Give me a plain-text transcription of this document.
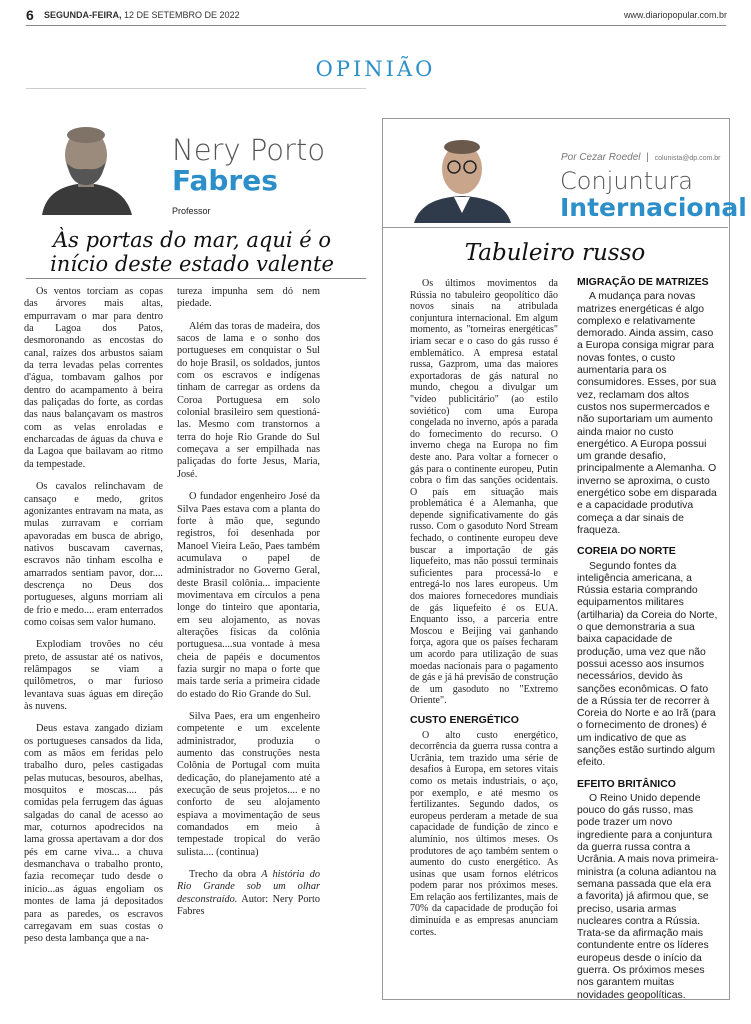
6 SEGUNDA-FEIRA, 12 DE SETEMBRO DE 2022	www.diariopopular.com.br
OPINIÃO
Nery Porto
Fabres
Professor
Às portas do mar, aqui é o
início deste estado valente

Os ventos torciam as copas das árvores mais altas, empurravam o mar para dentro da Lagoa dos Patos, desmoronando as encostas do canal, raízes dos arbustos saiam da terra levadas pelas correntes d'água, tombavam galhos por dentro do acampamento à beira das paliçadas do forte, as cordas das naus balançavam os mastros com as velas enroladas e encharcadas de águas da chuva e da Lagoa que bailavam ao ritmo da tempestade.

Os cavalos relinchavam de cansaço e medo, gritos agonizantes entravam na mata, as mulas zurravam e corriam apavoradas em busca de abrigo, nativos buscavam cavernas, escravos não tinham escolha e amarrados sentiam pavor, dor.... descrença no Deus dos portugueses, alguns morriam ali de frio e medo.... eram enterrados como coisas sem valor humano.

Explodiam trovões no céu preto, de assustar até os nativos, relâmpagos se viam a quilômetros, o mar furioso levantava suas águas em direção às nuvens.

Deus estava zangado diziam os portugueses cansados da lida, com as mãos em feridas pelo trabalho duro, peles castigadas pelas mutucas, besouros, abelhas, mosquitos e moscas.... pás comidas pela ferrugem das águas salgadas do canal de acesso ao mar, coturnos apodrecidos na lama grossa apertavam a dor dos pés em carne viva... a chuva desmanchava o trabalho pronto, fazia recomeçar tudo desde o início...as águas engoliam os montes de lama já depositados para as paredes, os escravos carregavam em suas costas o peso desta lambança que a na-

tureza impunha sem dó nem piedade.

Além das toras de madeira, dos sacos de lama e o sonho dos portugueses em conquistar o Sul do hoje Brasil, os soldados, juntos com os escravos e indígenas tinham de carregar as ordens da Coroa Portuguesa em solo colonial brasileiro sem questioná-las. Mesmo com transtornos a terra do hoje Rio Grande do Sul começava a ser empilhada nas paliçadas do forte Jesus, Maria, José.

O fundador engenheiro José da Silva Paes estava com a planta do forte à mão que, segundo registros, foi desenhada por Manoel Vieira Leão, Paes também acumulava o papel de administrador no Governo Geral, deste Brasil colônia... impaciente movimentava em círculos a pena longe do tinteiro que apontaria, em seu alojamento, as novas alterações físicas da colônia portuguesa....sua vontade à mesa cheia de papéis e documentos fazia surgir no mapa o forte que mais tarde seria a primeira cidade do estado do Rio Grande do Sul.

Silva Paes, era um engenheiro competente e um excelente administrador, produzia o aumento das construções nesta Colônia de Portugal com muita dedicação, do planejamento até a execução de seus projetos.... e no conforto de seu alojamento espiava a movimentação de seus comandados em meio à tempestade tropical do verão sulista.... (continua)

Trecho da obra A história do Rio Grande sob um olhar desconstraído. Autor: Nery Porto Fabres

Por Cezar Roedel | colunista@dp.com.br
Conjuntura
Internacional
Tabuleiro russo

Os últimos movimentos da Rússia no tabuleiro geopolítico dão novos sinais na atribulada conjuntura internacional. Em algum momento, as "torneiras energéticas" iriam secar e o caso do gás russo é emblemático. A empresa estatal russa, Gazprom, uma das maiores exportadoras de gás natural no mundo, chegou a divulgar um "vídeo publicitário" (ao estilo soviético) com uma Europa congelada no inverno, após a parada do fornecimento do recurso. O inverno chega na Europa no fim deste ano. Para voltar a fornecer o gás para o continente europeu, Putin cobra o fim das sanções ocidentais. O país em situação mais problemática é a Alemanha, que depende significativamente do gás russo. Com o gasoduto Nord Stream fechado, o continente europeu deve buscar a importação de gás liquefeito, mas não possui terminais suficientes para processá-lo e entregá-lo nos lares europeus. Um dos maiores fornecedores mundiais de gás liquefeito é os EUA. Enquanto isso, a parceria entre Moscou e Beijing vai ganhando força, agora que os países fecharam um acordo para utilização de suas moedas nacionais para o pagamento de gás e já há previsão de construção de um gasoduto no "Extremo Oriente".

CUSTO ENERGÉTICO

O alto custo energético, decorrência da guerra russa contra a Ucrânia, tem trazido uma série de desafios à Europa, em setores vitais como os metais industriais, o aço, por exemplo, e até mesmo os fertilizantes. Segundo dados, os europeus perderam a metade de sua capacidade de fundição de zinco e alumínio, nos últimos meses. Os produtores de aço também sentem o aumento do custo energético. As usinas que usam fornos elétricos podem parar nos próximos meses. Em relação aos fertilizantes, mais de 70% da capacidade de produção foi diminuída e as empresas anunciam cortes.

MIGRAÇÃO DE MATRIZES

A mudança para novas matrizes energéticas é algo complexo e relativamente demorado. Ainda assim, caso a Europa consiga migrar para novas fontes, o custo aumentaria para os consumidores. Esses, por sua vez, reclamam dos altos custos nos supermercados e não suportariam um aumento ainda maior no custo energético. A Europa possui um grande desafio, principalmente a Alemanha. O inverno se aproxima, o custo energético sobe em disparada e a capacidade produtiva começa a dar sinais de fraqueza.

COREIA DO NORTE

Segundo fontes da inteligência americana, a Rússia estaria comprando equipamentos militares (artilharia) da Coreia do Norte, o que demonstraria a sua baixa capacidade de produção, uma vez que não possui acesso aos insumos necessários, devido às sanções econômicas. O fato de a Rússia ter de recorrer à Coreia do Norte e ao Irã (para o fornecimento de drones) é um indicativo de que as sanções estão surtindo algum efeito.

EFEITO BRITÂNICO

O Reino Unido depende pouco do gás russo, mas pode trazer um novo ingrediente para a conjuntura da guerra russa contra a Ucrânia. A mais nova primeira-ministra (a coluna adiantou na semana passada que ela era a favorita) já afirmou que, se preciso, usaria armas nucleares contra a Rússia. Trata-se da afirmação mais contundente entre os líderes europeus desde o início da guerra. Os próximos meses nos garantem muitas novidades geopolíticas.
